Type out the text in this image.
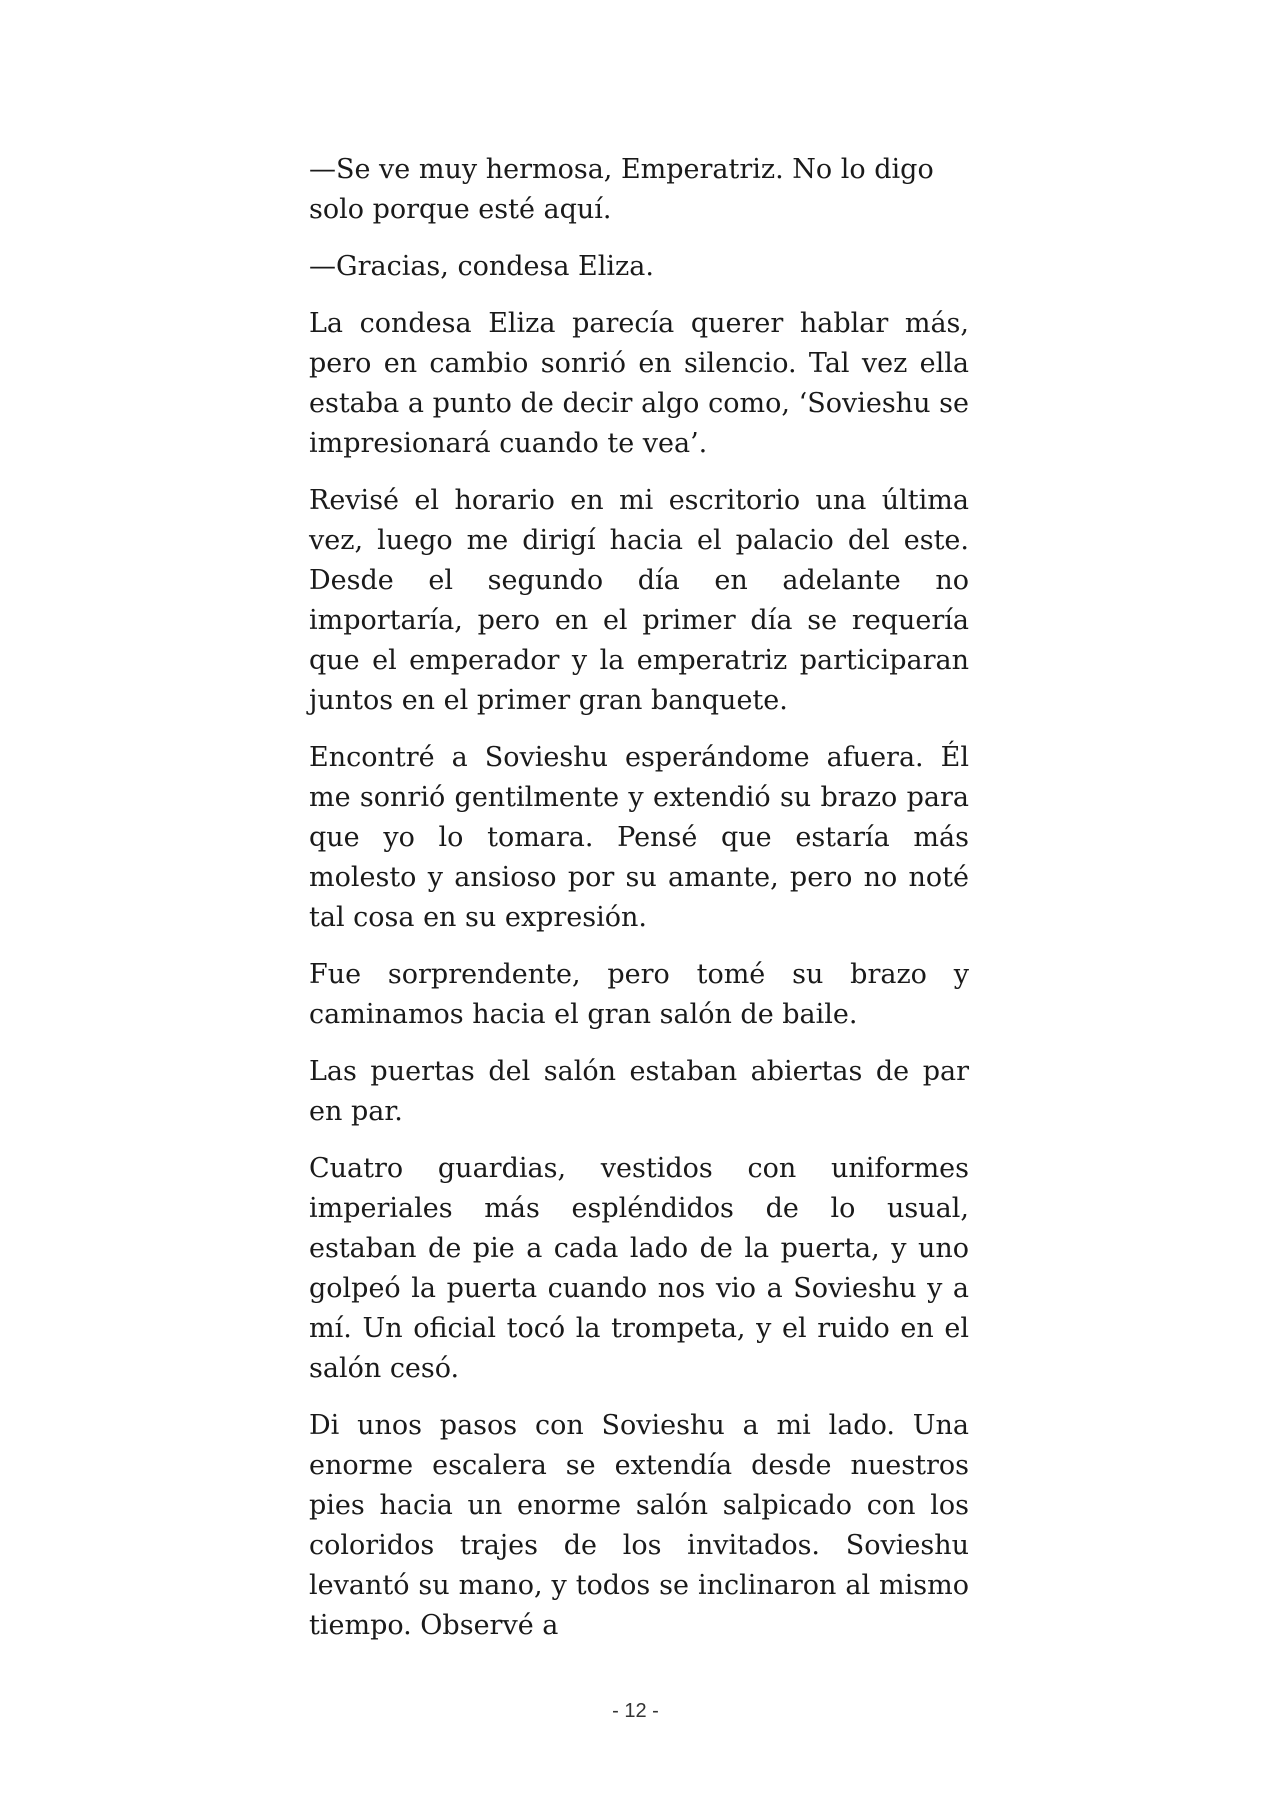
—Se ve muy hermosa, Emperatriz. No lo digo solo porque esté aquí.

—Gracias, condesa Eliza.

La condesa Eliza parecía querer hablar más, pero en cambio sonrió en silencio. Tal vez ella estaba a punto de decir algo como, ‘Sovieshu se impresionará cuando te vea’.

Revisé el horario en mi escritorio una última vez, luego me dirigí hacia el palacio del este. Desde el segundo día en adelante no importaría, pero en el primer día se requería que el emperador y la emperatriz participaran juntos en el primer gran banquete.

Encontré a Sovieshu esperándome afuera. Él me sonrió gentilmente y extendió su brazo para que yo lo tomara. Pensé que estaría más molesto y ansioso por su amante, pero no noté tal cosa en su expresión.

Fue sorprendente, pero tomé su brazo y caminamos hacia el gran salón de baile.

Las puertas del salón estaban abiertas de par en par.

Cuatro guardias, vestidos con uniformes imperiales más espléndidos de lo usual, estaban de pie a cada lado de la puerta, y uno golpeó la puerta cuando nos vio a Sovieshu y a mí. Un oficial tocó la trompeta, y el ruido en el salón cesó.

Di unos pasos con Sovieshu a mi lado. Una enorme escalera se extendía desde nuestros pies hacia un enorme salón salpicado con los coloridos trajes de los invitados. Sovieshu levantó su mano, y todos se inclinaron al mismo tiempo. Observé a

- 12 -
